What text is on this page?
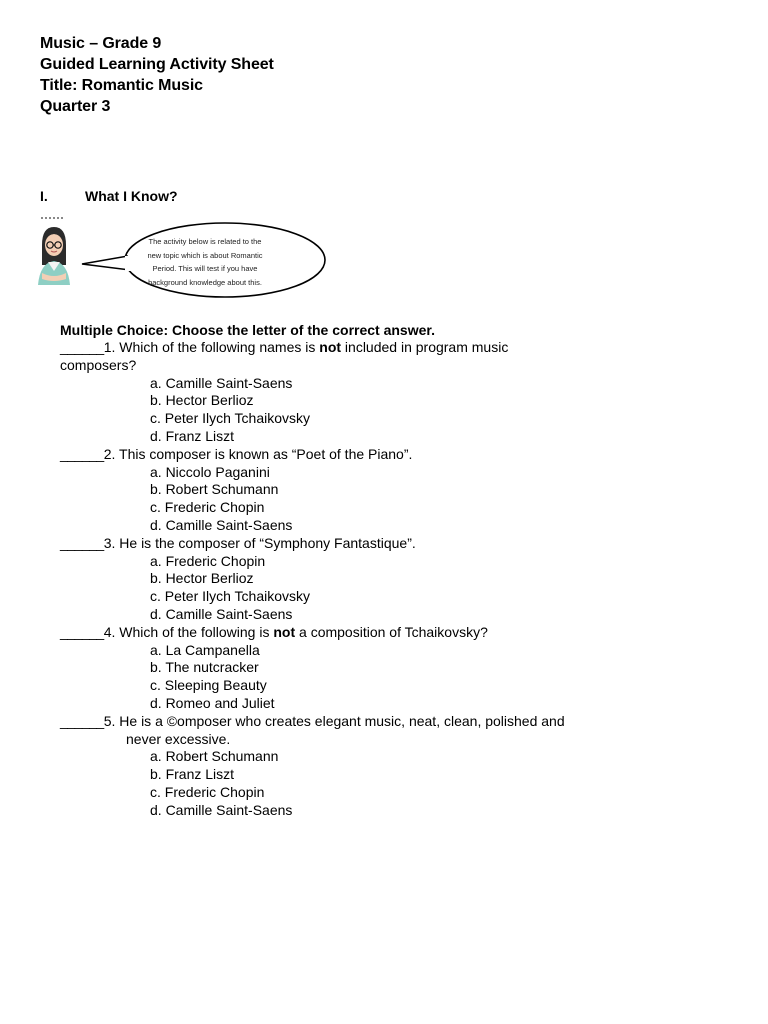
Music – Grade 9
Guided Learning Activity Sheet
Title: Romantic Music
Quarter 3
I.	What I Know?
The activity below is related to the
new topic which is about Romantic
Period. This will test if you have
background knowledge about this.
Multiple Choice: Choose the letter of the correct answer.

______1. Which of the following names is not included in program music

composers?

a. Camille Saint-Saens

b. Hector Berlioz

c. Peter Ilych Tchaikovsky

d. Franz Liszt

______2. This composer is known as “Poet of the Piano”.

a. Niccolo Paganini

b. Robert Schumann

c. Frederic Chopin

d. Camille Saint-Saens

______3. He is the composer of “Symphony Fantastique”.

a. Frederic Chopin

b. Hector Berlioz

c. Peter Ilych Tchaikovsky

d. Camille Saint-Saens

______4. Which of the following is not a composition of Tchaikovsky?

a. La Campanella

b. The nutcracker

c. Sleeping Beauty

d. Romeo and Juliet

______5. He is a ©omposer who creates elegant music, neat, clean, polished and

never excessive.

a. Robert Schumann

b. Franz Liszt

c. Frederic Chopin

d. Camille Saint-Saens
